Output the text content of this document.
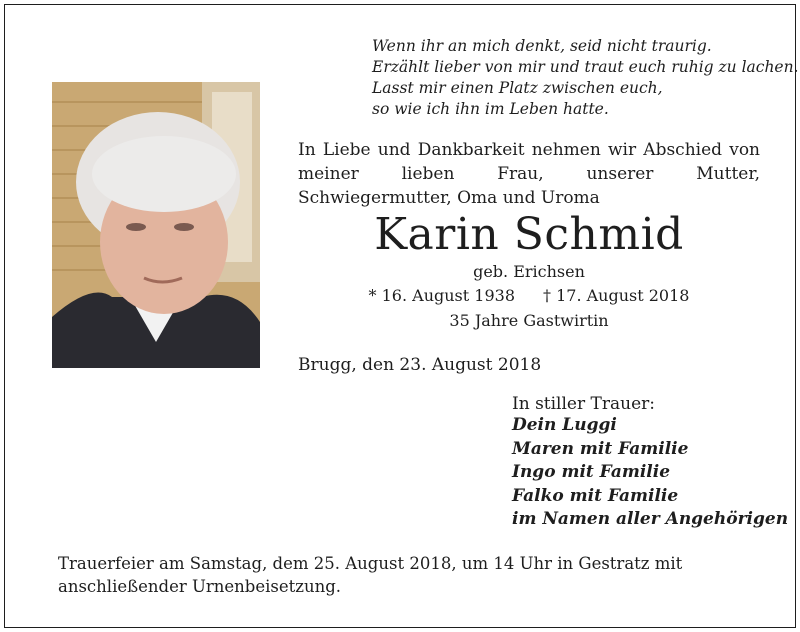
Wenn ihr an mich denkt, seid nicht traurig.
Erzählt lieber von mir und traut euch ruhig zu lachen.
Lasst mir einen Platz zwischen euch,
so wie ich ihn im Leben hatte.
In Liebe und Dankbarkeit nehmen wir Abschied von meiner lieben Frau, unserer Mutter, Schwiegermutter, Oma und Uroma
Karin Schmid
geb. Erichsen
* 16. August 1938 † 17. August 2018
35 Jahre Gastwirtin
Brugg, den 23. August 2018
In stiller Trauer:
Dein Luggi
Maren mit Familie
Ingo mit Familie
Falko mit Familie
im Namen aller Angehörigen
Trauerfeier am Samstag, dem 25. August 2018, um 14 Uhr in Gestratz mit anschließender Urnenbeisetzung.
